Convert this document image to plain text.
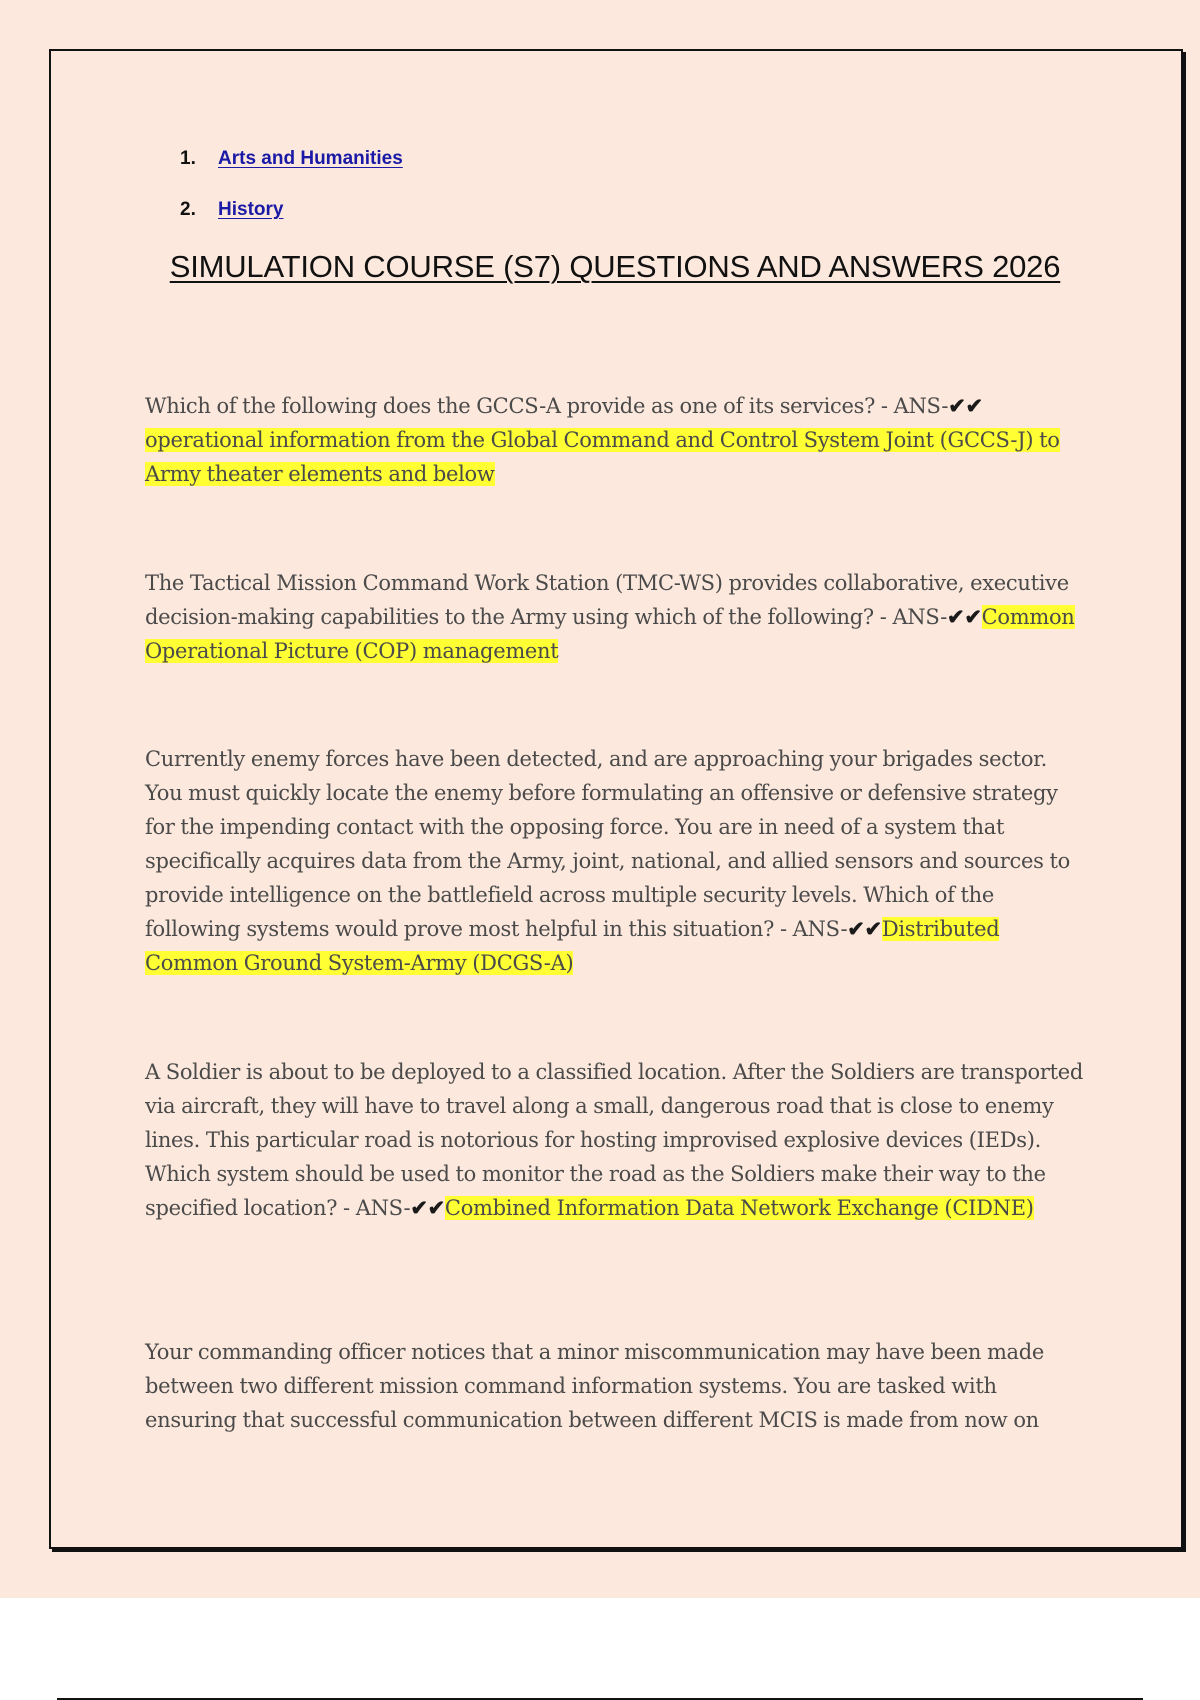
1.	Arts and Humanities
2.	History
SIMULATION COURSE (S7) QUESTIONS AND ANSWERS 2026

Which of the following does the GCCS-A provide as one of its services? - ANS-✔✔ operational information from the Global Command and Control System Joint (GCCS-J) to Army theater elements and below

The Tactical Mission Command Work Station (TMC-WS) provides collaborative, executive decision-making capabilities to the Army using which of the following? - ANS-✔✔Common Operational Picture (COP) management

Currently enemy forces have been detected, and are approaching your brigades sector. You must quickly locate the enemy before formulating an offensive or defensive strategy for the impending contact with the opposing force. You are in need of a system that specifically acquires data from the Army, joint, national, and allied sensors and sources to provide intelligence on the battlefield across multiple security levels. Which of the following systems would prove most helpful in this situation? - ANS-✔✔Distributed Common Ground System-Army (DCGS-A)

A Soldier is about to be deployed to a classified location. After the Soldiers are transported via aircraft, they will have to travel along a small, dangerous road that is close to enemy lines. This particular road is notorious for hosting improvised explosive devices (IEDs). Which system should be used to monitor the road as the Soldiers make their way to the specified location? - ANS-✔✔Combined Information Data Network Exchange (CIDNE)

Your commanding officer notices that a minor miscommunication may have been made between two different mission command information systems. You are tasked with ensuring that successful communication between different MCIS is made from now on
